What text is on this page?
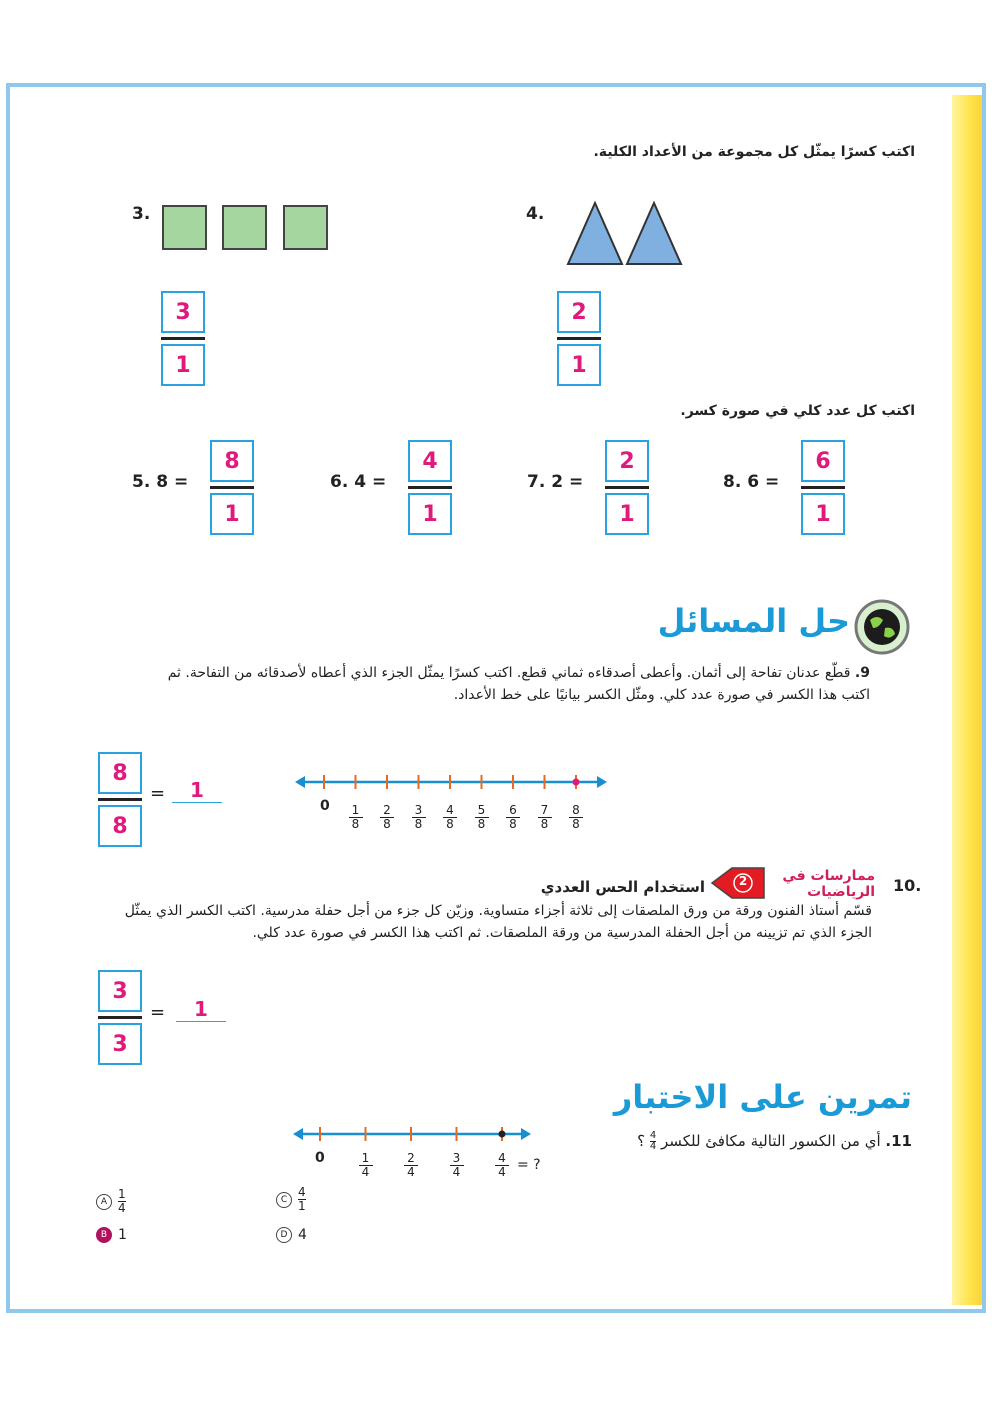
اكتب كسرًا يمثّل كل مجموعة من الأعداد الكلية.
3.
$\frac{3}{1}$
4.
$\frac{2}{1}$
اكتب كل عدد كلي في صورة كسر.
5. $8 = \frac{8}{1}$	6. $4 = \frac{4}{1}$	7. $2 = \frac{2}{1}$	8. $6 = \frac{6}{1}$
حل المسائل
9. قطّع عدنان تفاحة إلى أثمان. وأعطى أصدقاءه ثماني قطع. اكتب كسرًا يمثّل الجزء الذي أعطاه لأصدقائه من التفاحة. ثم اكتب هذا الكسر في صورة عدد كلي. ومثّل الكسر بيانيًا على خط الأعداد.
$\frac{8}{8}$ =	1
0 1
8
2
8
3
8
4
8
5
8
6
8
7
8
8
8
10.
ممارسات في الرياضيات
2
استخدام الحس العددي
قسّم أستاذ الفنون ورقة من ورق الملصقات إلى ثلاثة أجزاء متساوية. وزيّن كل جزء من أجل حفلة مدرسية. اكتب الكسر الذي يمثّل الجزء الذي تم تزيينه من أجل الحفلة المدرسية من ورقة الملصقات. ثم اكتب هذا الكسر في صورة عدد كلي.
$\frac{3}{3}$ =	1
تمرين على الاختبار
11. أي من الكسور التالية مكافئ للكسر
$\frac{4}{4}$
؟
0	1
4
2
4
3
4
4
4 = ?
A
1
4
C
4
1
B 1	D 4
